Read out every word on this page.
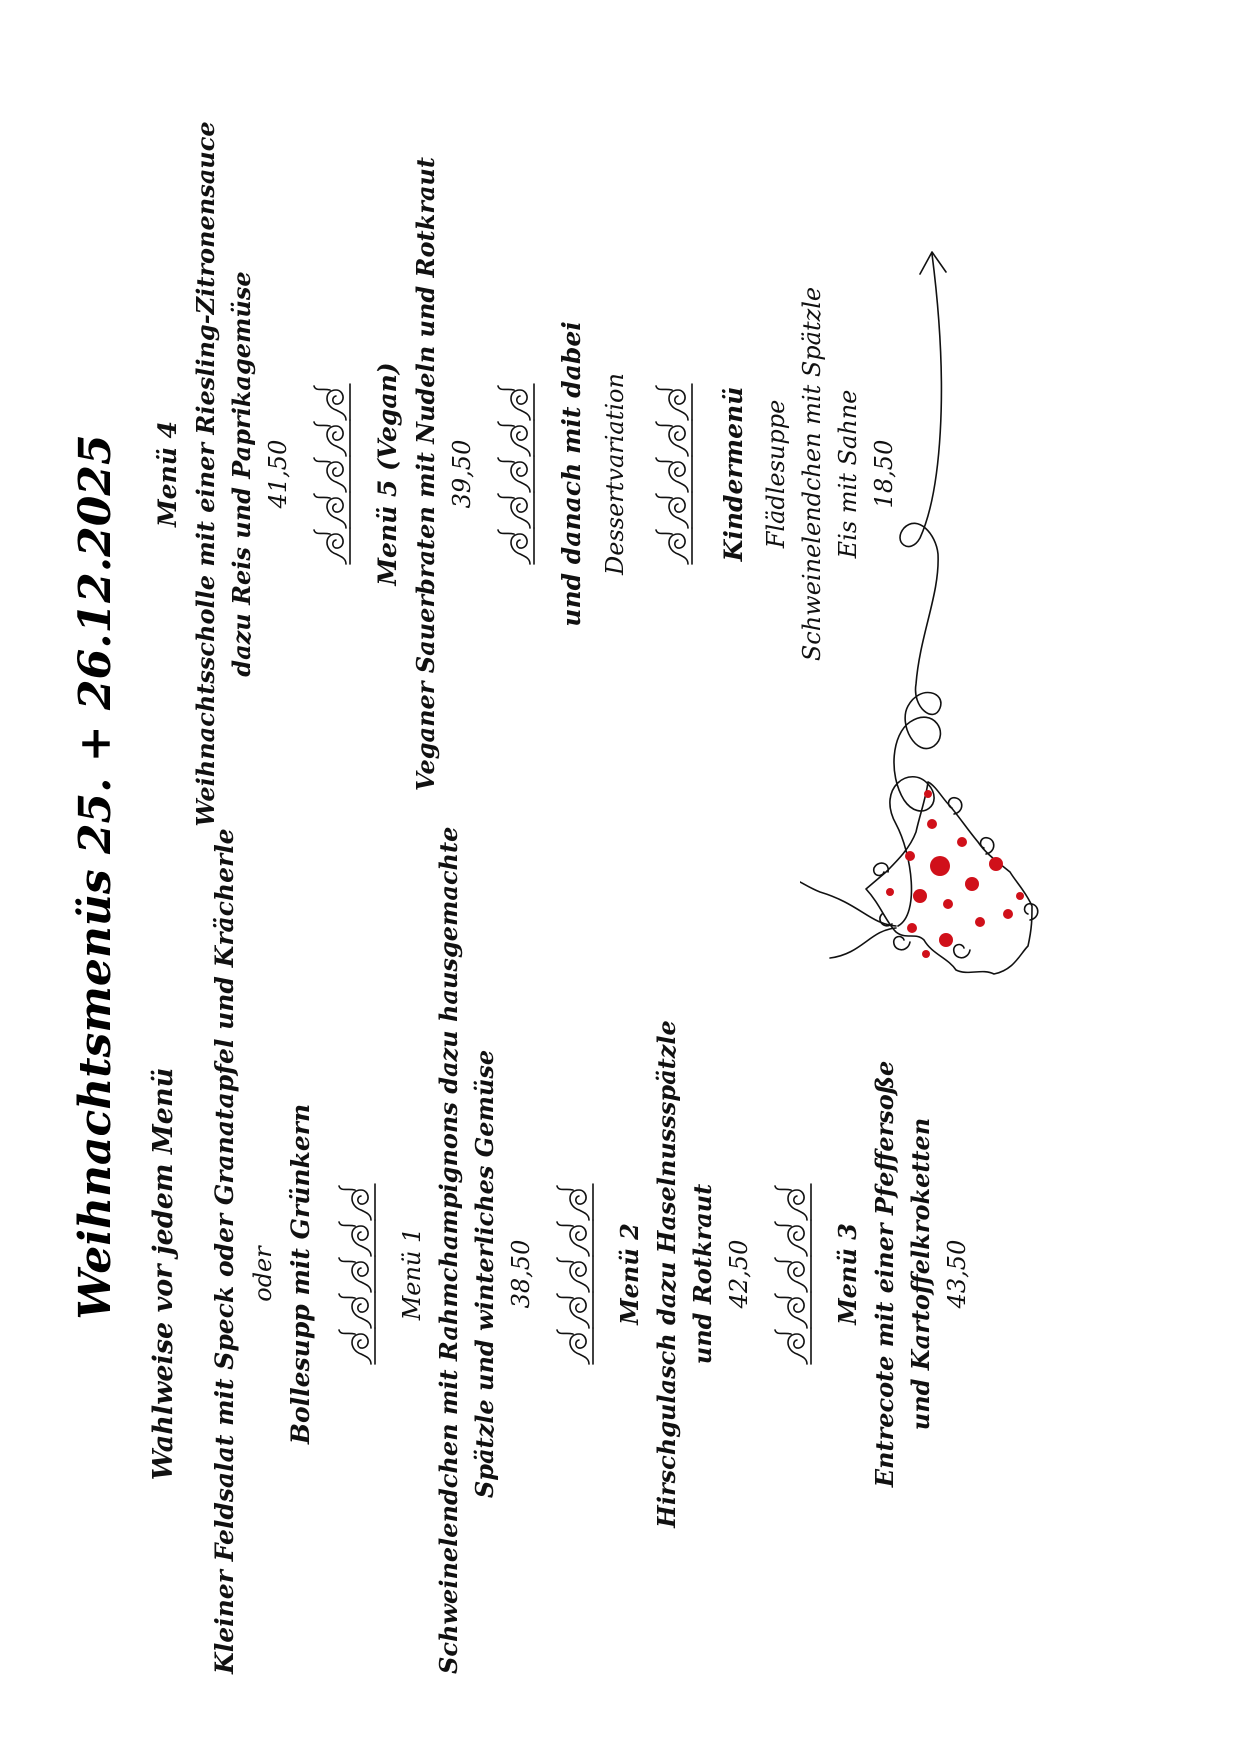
Weihnachtsmenüs 25. + 26.12.2025 Wahlweise vor jedem Menü Kleiner Feldsalat mit Speck oder Granatapfel und Krächerle oder Bollesupp mit Grünkern	Menü 1 Schweinelendchen mit Rahmchampignons dazu hausgemachte Spätzle und winterliches Gemüse 38,50	Menü 2 Hirschgulasch dazu Haselnussspätzle und Rotkraut 42,50	Menü 3 Entrecote mit einer Pfeffersoße und Kartoffelkroketten 43,50
Menü 4 Weihnachtsscholle mit einer Riesling-Zitronensauce dazu Reis und Paprikagemüse 41,50	Menü 5 (Vegan) Veganer Sauerbraten mit Nudeln und Rotkraut 39,50	und danach mit dabei Dessertvariation	Kindermenü Flädlesuppe Schweinelendchen mit Spätzle Eis mit Sahne 18,50
